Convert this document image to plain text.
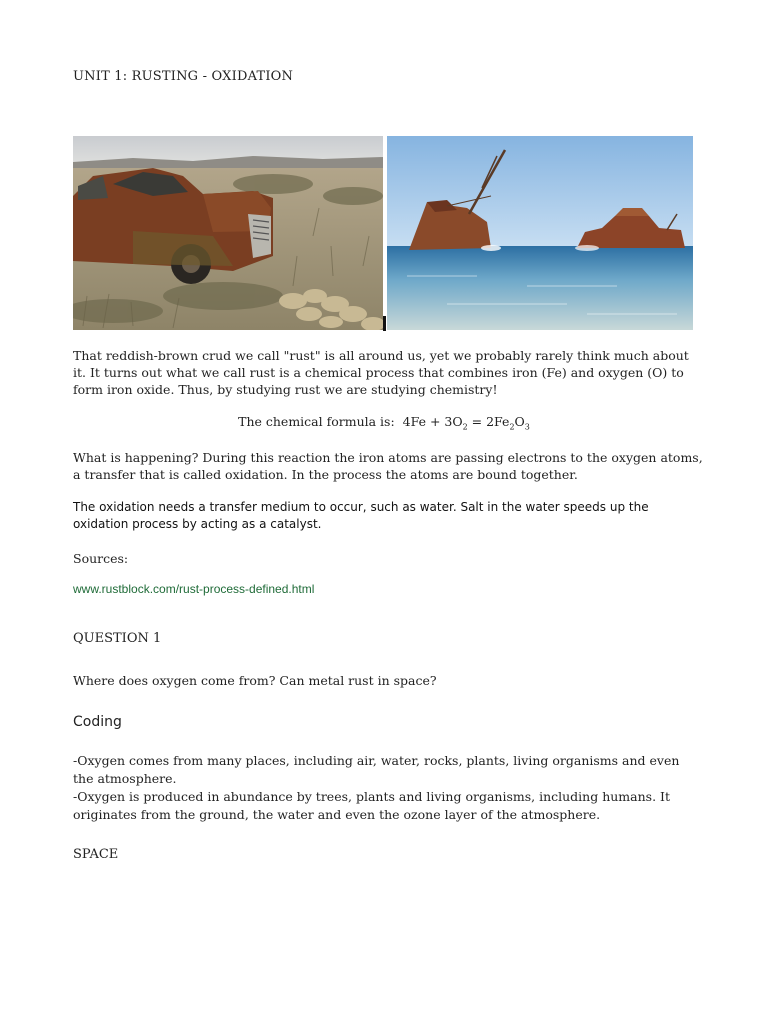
UNIT 1: RUSTING - OXIDATION

That reddish-brown crud we call "rust" is all around us, yet we probably rarely think much about it. It turns out what we call rust is a chemical process that combines iron (Fe) and oxygen (O) to form iron oxide. Thus, by studying rust we are studying chemistry!

The chemical formula is: $4Fe + 3O_2 = 2Fe_2O_3$

What is happening? During this reaction the iron atoms are passing electrons to the oxygen atoms, a transfer that is called oxidation. In the process the atoms are bound together.

The oxidation needs a transfer medium to occur, such as water. Salt in the water speeds up the oxidation process by acting as a catalyst.

Sources:

www.rustblock.com/rust-process-defined.html
QUESTION 1

Where does oxygen come from? Can metal rust in space?

Coding

-Oxygen comes from many places, including air, water, rocks, plants, living organisms and even the atmosphere.
-Oxygen is produced in abundance by trees, plants and living organisms, including humans. It originates from the ground, the water and even the ozone layer of the atmosphere.

SPACE
